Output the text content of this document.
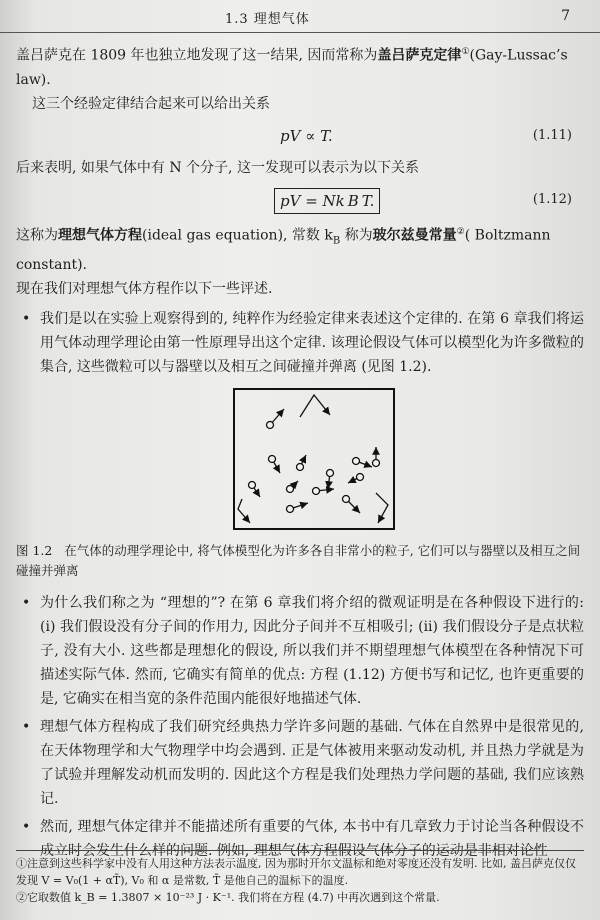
1.3 理想气体	7

盖吕萨克在 1809 年也独立地发现了这一结果, 因而常称为盖吕萨克定律①(Gay-Lussac’s law).

这三个经验定律结合起来可以给出关系

pV ∝ T.	(1.11)

后来表明, 如果气体中有 N 个分子, 这一发现可以表示为以下关系

pV = Nk B T.	(1.12)

这称为理想气体方程(ideal gas equation), 常数 $k_B$ 称为玻尔兹曼常量②( Boltzmann constant).

现在我们对理想气体方程作以下一些评述.

• 我们是以在实验上观察得到的, 纯粹作为经验定律来表述这个定律的. 在第 6 章我们将运用气体动理学理论由第一性原理导出这个定律. 该理论假设气体可以模型化为许多微粒的集合, 这些微粒可以与器壁以及相互之间碰撞并弹离 (见图 1.2).

图 1.2 在气体的动理学理论中, 将气体模型化为许多各自非常小的粒子, 它们可以与器壁以及相互之间碰撞并弹离

• 为什么我们称之为 “理想的”? 在第 6 章我们将介绍的微观证明是在各种假设下进行的: (i) 我们假设没有分子间的作用力, 因此分子间并不互相吸引; (ii) 我们假设分子是点状粒子, 没有大小. 这些都是理想化的假设, 所以我们并不期望理想气体模型在各种情况下可描述实际气体. 然而, 它确实有简单的优点: 方程 (1.12) 方便书写和记忆, 也许更重要的是, 它确实在相当宽的条件范围内能很好地描述气体.
• 理想气体方程构成了我们研究经典热力学许多问题的基础. 气体在自然界中是很常见的, 在天体物理学和大气物理学中均会遇到. 正是气体被用来驱动发动机, 并且热力学就是为了试验并理解发动机而发明的. 因此这个方程是我们处理热力学问题的基础, 我们应该熟记.
• 然而, 理想气体定律并不能描述所有重要的气体, 本书中有几章致力于讨论当各种假设不成立时会发生什么样的问题. 例如, 理想气体方程假设气体分子的运动是非相对论性

①注意到这些科学家中没有人用这种方法表示温度, 因为那时开尔文温标和绝对零度还没有发明. 比如, 盖吕萨克仅仅发现 V = V₀(1 + αT̄), V₀ 和 α 是常数, T̄ 是他自己的温标下的温度.

②它取数值 k_B = 1.3807 × 10⁻²³ J · K⁻¹. 我们将在方程 (4.7) 中再次遇到这个常量.
